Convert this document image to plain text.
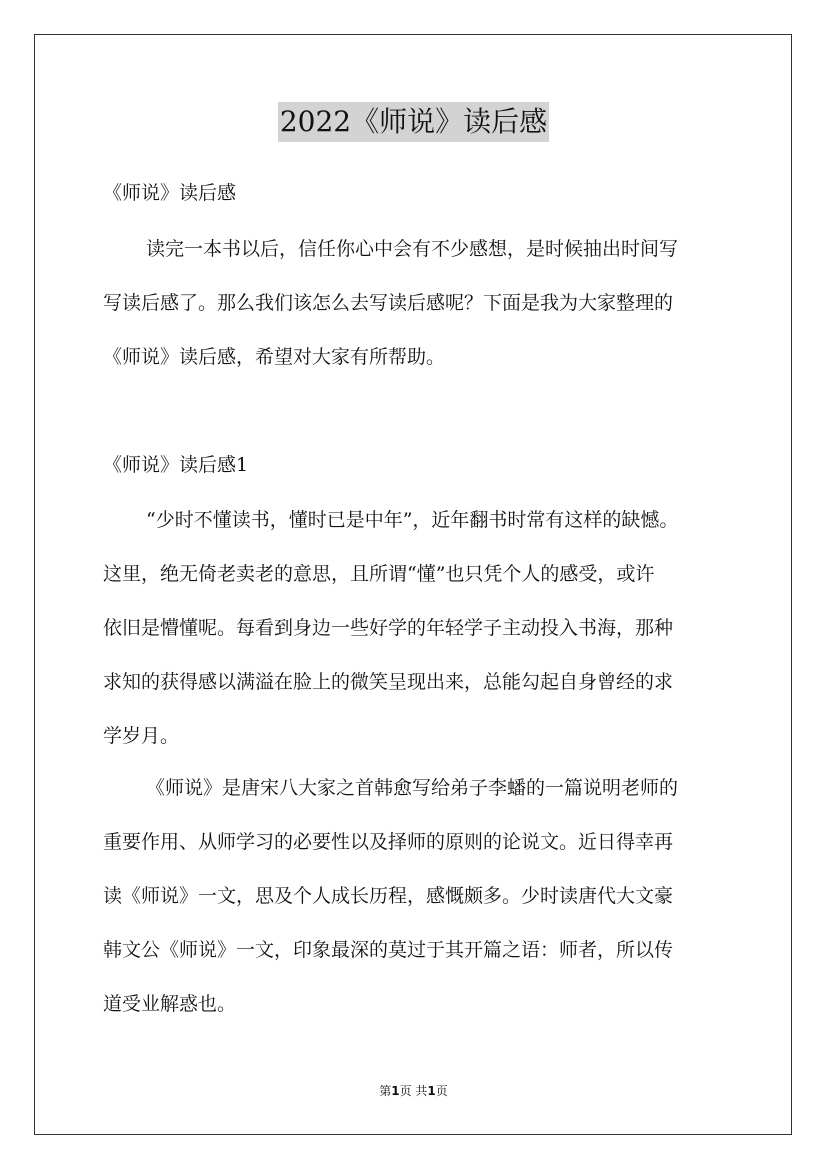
2022《师说》读后感
《师说》读后感
读完一本书以后，信任你心中会有不少感想，是时候抽出时间写
写读后感了。那么我们该怎么去写读后感呢？下面是我为大家整理的
《师说》读后感，希望对大家有所帮助。
《师说》读后感1
“少时不懂读书，懂时已是中年”，近年翻书时常有这样的缺憾。
这里，绝无倚老卖老的意思，且所谓“懂”也只凭个人的感受，或许
依旧是懵懂呢。每看到身边一些好学的年轻学子主动投入书海，那种
求知的获得感以满溢在脸上的微笑呈现出来，总能勾起自身曾经的求
学岁月。
《师说》是唐宋八大家之首韩愈写给弟子李蟠的一篇说明老师的
重要作用、从师学习的必要性以及择师的原则的论说文。近日得幸再
读《师说》一文，思及个人成长历程，感慨颇多。少时读唐代大文豪
韩文公《师说》一文，印象最深的莫过于其开篇之语：师者，所以传
道受业解惑也。
第1页 共1页
